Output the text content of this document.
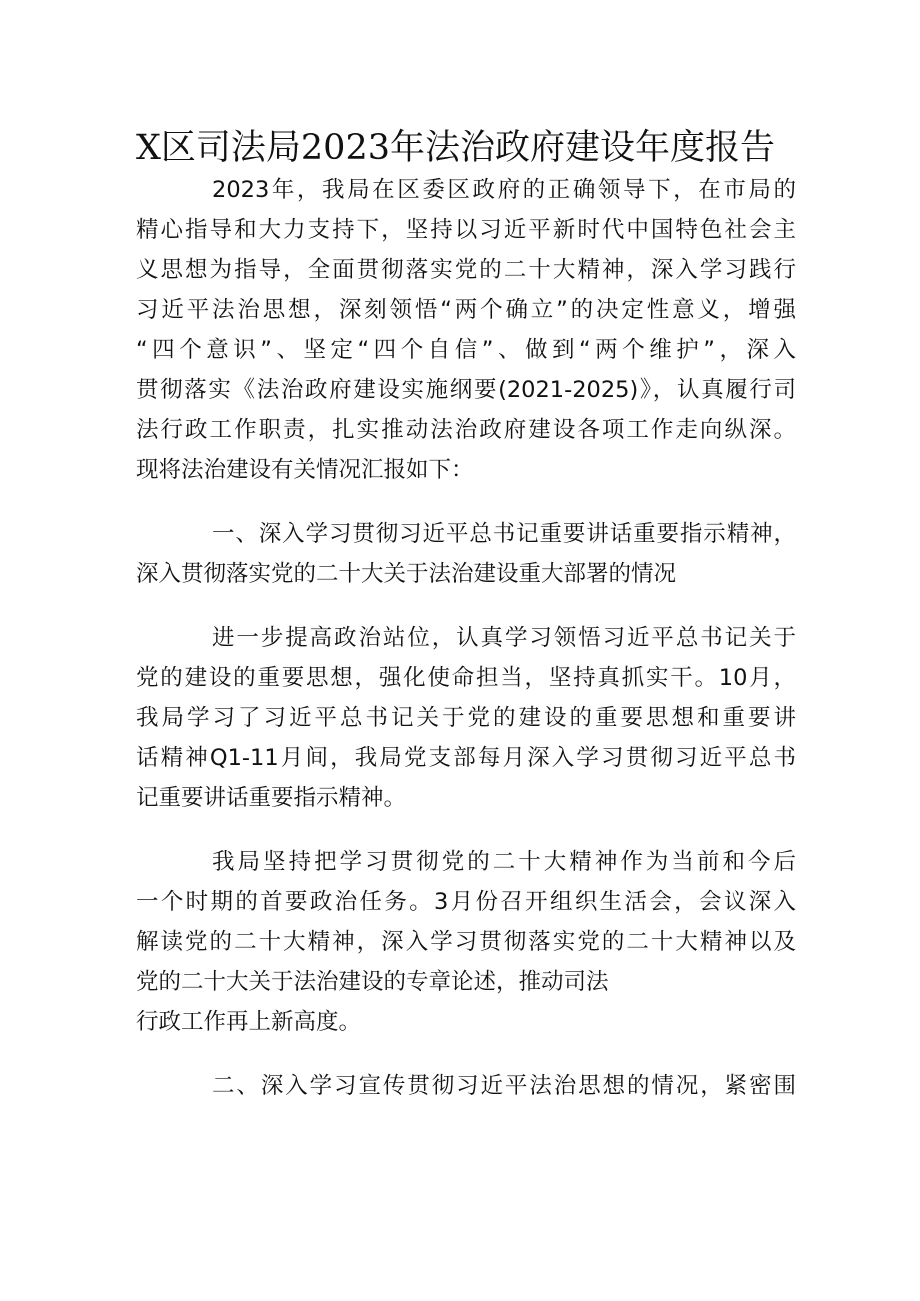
X区司法局2023年法治政府建设年度报告
2023年，我局在区委区政府的正确领导下，在市局的
精心指导和大力支持下，坚持以习近平新时代中国特色社会主
义思想为指导，全面贯彻落实党的二十大精神，深入学习践行
习近平法治思想，深刻领悟“两个确立”的决定性意义，增强
“四个意识”、坚定“四个自信”、做到“两个维护”，深入
贯彻落实《法治政府建设实施纲要(2021-2025)》，认真履行司
法行政工作职责，扎实推动法治政府建设各项工作走向纵深。
现将法治建设有关情况汇报如下：
一、深入学习贯彻习近平总书记重要讲话重要指示精神，
深入贯彻落实党的二十大关于法治建设重大部署的情况
进一步提高政治站位，认真学习领悟习近平总书记关于
党的建设的重要思想，强化使命担当，坚持真抓实干。10月，
我局学习了习近平总书记关于党的建设的重要思想和重要讲
话精神Q1-11月间，我局党支部每月深入学习贯彻习近平总书
记重要讲话重要指示精神。
我局坚持把学习贯彻党的二十大精神作为当前和今后
一个时期的首要政治任务。3月份召开组织生活会，会议深入
解读党的二十大精神，深入学习贯彻落实党的二十大精神以及
党的二十大关于法治建设的专章论述，推动司法
行政工作再上新高度。
二、深入学习宣传贯彻习近平法治思想的情况，紧密围
